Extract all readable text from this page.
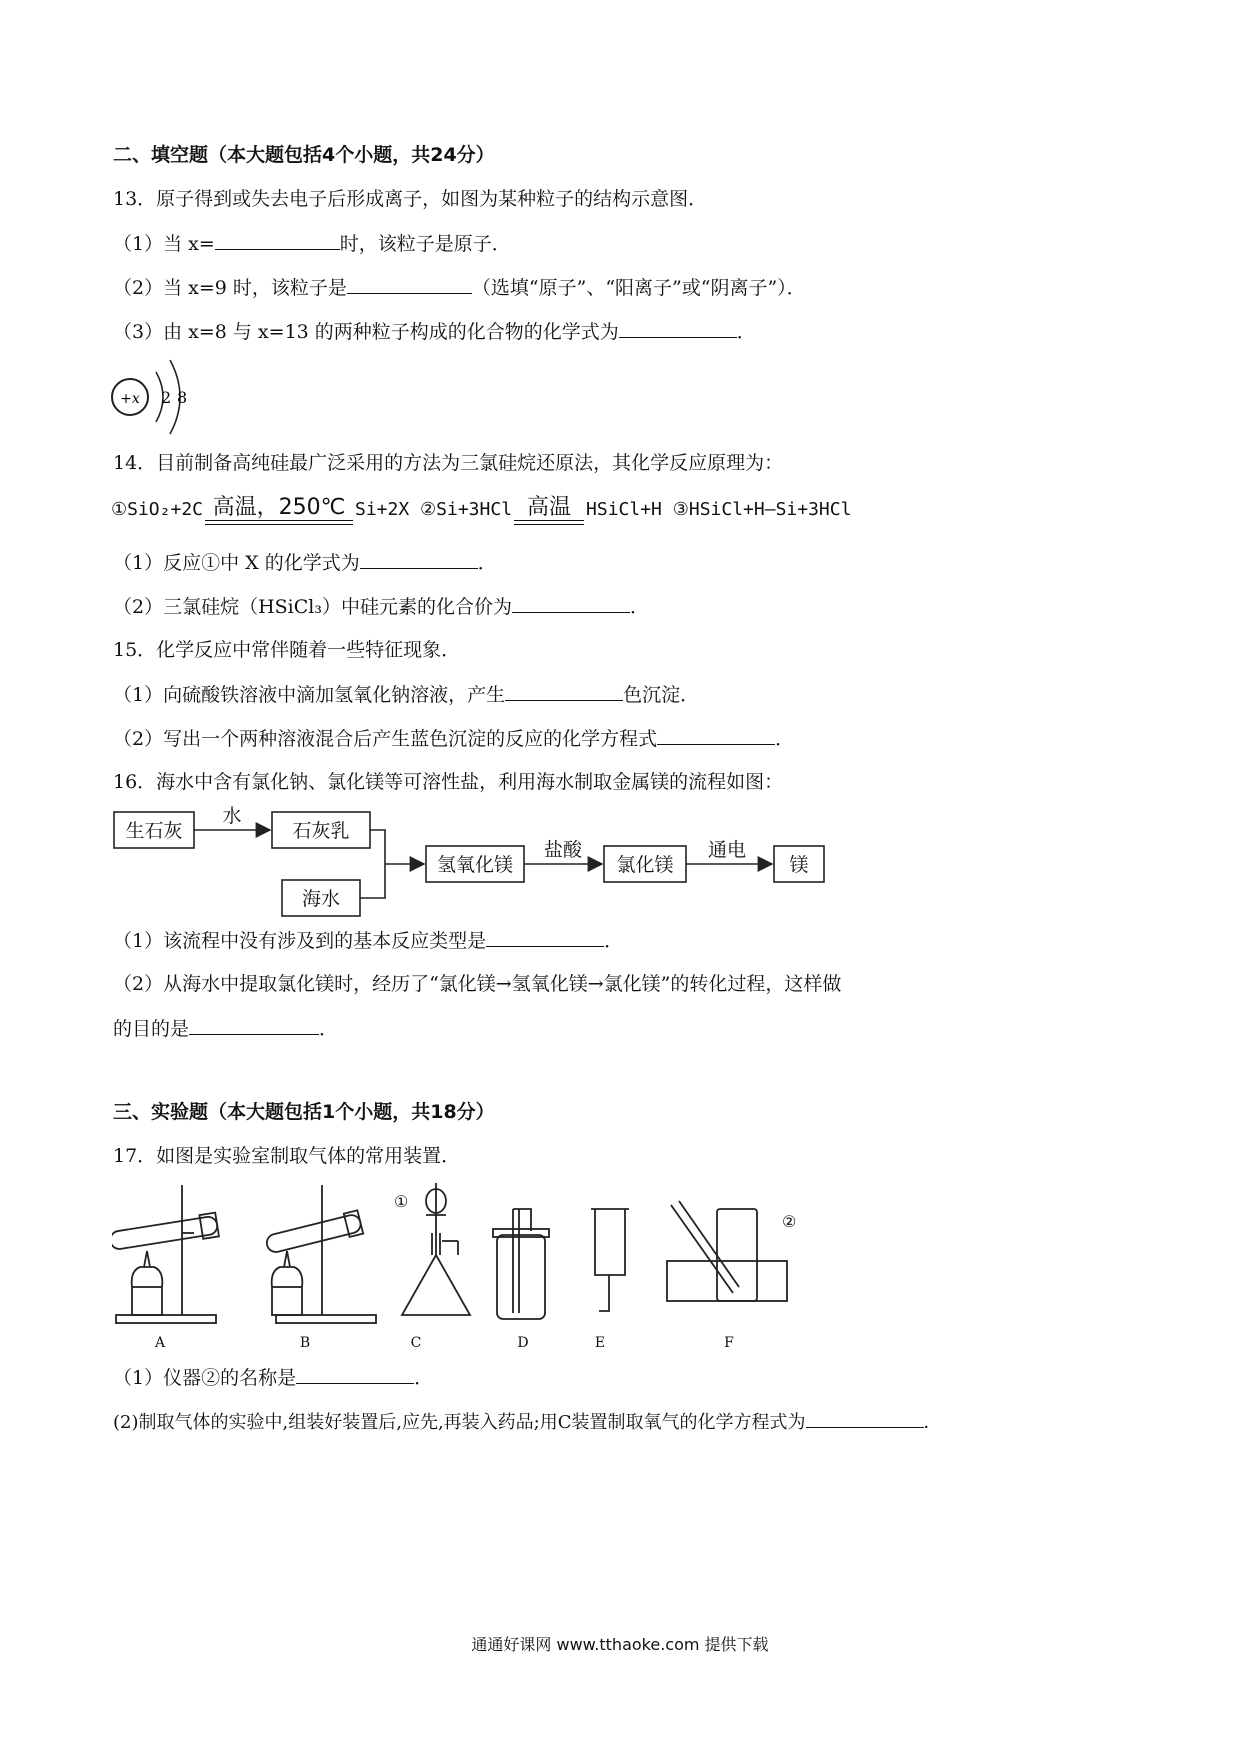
二、填空题（本大题包括4个小题，共24分）
13．原子得到或失去电子后形成离子，如图为某种粒子的结构示意图．
（1）当 x=	时，该粒子是原子．
（2）当 x=9 时，该粒子是	（选填“原子”、“阳离子”或“阴离子”）．
（3）由 x=8 与 x=13 的两种粒子构成的化合物的化学式为	．
+x 2 8
14．目前制备高纯硅最广泛采用的方法为三氯硅烷还原法，其化学反应原理为：
①SiO₂+2C 高温，250℃ Si+2X ②Si+3HCl 高温 HSiCl+H ③HSiCl+H—Si+3HCl
（1）反应①中 X 的化学式为	．
（2）三氯硅烷（HSiCl₃）中硅元素的化合价为	．
15．化学反应中常伴随着一些特征现象．
（1）向硫酸铁溶液中滴加氢氧化钠溶液，产生	色沉淀．
（2）写出一个两种溶液混合后产生蓝色沉淀的反应的化学方程式	．
16．海水中含有氯化钠、氯化镁等可溶性盐，利用海水制取金属镁的流程如图：
生石灰
水
石灰乳
海水
氢氧化镁
盐酸
氯化镁
通电
镁
（1）该流程中没有涉及到的基本反应类型是	．
（2）从海水中提取氯化镁时，经历了“氯化镁→氢氧化镁→氯化镁”的转化过程，这样做
的目的是	．
三、实验题（本大题包括1个小题，共18分）
17．如图是实验室制取气体的常用装置．
①
②
A	B	C	D	E	F
（1）仪器②的名称是	．
(2)制取气体的实验中,组装好装置后,应先,再装入药品;用C装置制取氧气的化学方程式为	．
通通好课网 www.tthaoke.com 提供下载
